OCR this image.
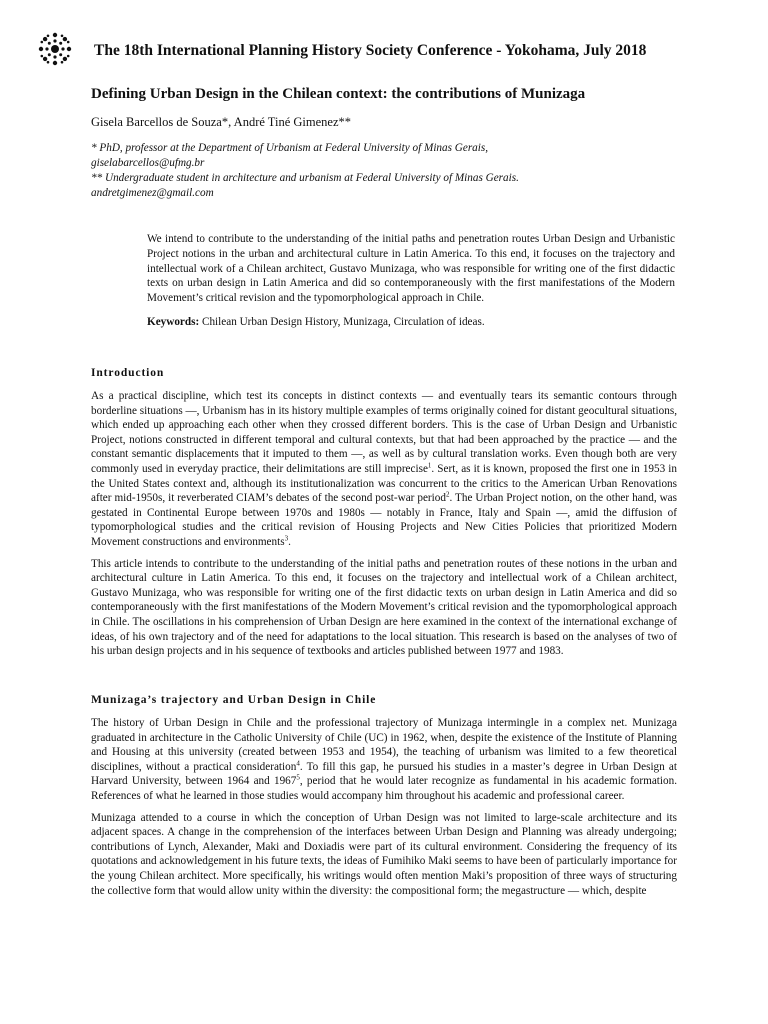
The 18th International Planning History Society Conference - Yokohama, July 2018
Defining Urban Design in the Chilean context: the contributions of Munizaga
Gisela Barcellos de Souza*, André Tiné Gimenez**
* PhD, professor at the Department of Urbanism at Federal University of Minas Gerais,
giselabarcellos@ufmg.br
** Undergraduate student in architecture and urbanism at Federal University of Minas Gerais.
andretgimenez@gmail.com

We intend to contribute to the understanding of the initial paths and penetration routes Urban Design and Urbanistic Project notions in the urban and architectural culture in Latin America. To this end, it focuses on the trajectory and intellectual work of a Chilean architect, Gustavo Munizaga, who was responsible for writing one of the first didactic texts on urban design in Latin America and did so contemporaneously with the first manifestations of the Modern Movement’s critical revision and the typomorphological approach in Chile.

Keywords: Chilean Urban Design History, Munizaga, Circulation of ideas.

Introduction

As a practical discipline, which test its concepts in distinct contexts — and eventually tears its semantic contours through borderline situations —, Urbanism has in its history multiple examples of terms originally coined for distant geocultural situations, which ended up approaching each other when they crossed different borders. This is the case of Urban Design and Urbanistic Project, notions constructed in different temporal and cultural contexts, but that had been approached by the practice — and the constant semantic displacements that it imputed to them —, as well as by cultural translation works. Even though both are very commonly used in everyday practice, their delimitations are still imprecise$^1$. Sert, as it is known, proposed the first one in 1953 in the United States context and, although its institutionalization was concurrent to the critics to the American Urban Renovations after mid-1950s, it reverberated CIAM’s debates of the second post-war period$^2$. The Urban Project notion, on the other hand, was gestated in Continental Europe between 1970s and 1980s — notably in France, Italy and Spain —, amid the diffusion of typomorphological studies and the critical revision of Housing Projects and New Cities Policies that prioritized Modern Movement constructions and environments$^3$.

This article intends to contribute to the understanding of the initial paths and penetration routes of these notions in the urban and architectural culture in Latin America. To this end, it focuses on the trajectory and intellectual work of a Chilean architect, Gustavo Munizaga, who was responsible for writing one of the first didactic texts on urban design in Latin America and did so contemporaneously with the first manifestations of the Modern Movement’s critical revision and the typomorphological approach in Chile. The oscillations in his comprehension of Urban Design are here examined in the context of the international exchange of ideas, of his own trajectory and of the need for adaptations to the local situation. This research is based on the analyses of two of his urban design projects and in his sequence of textbooks and articles published between 1977 and 1983.

Munizaga’s trajectory and Urban Design in Chile

The history of Urban Design in Chile and the professional trajectory of Munizaga intermingle in a complex net. Munizaga graduated in architecture in the Catholic University of Chile (UC) in 1962, when, despite the existence of the Institute of Planning and Housing at this university (created between 1953 and 1954), the teaching of urbanism was limited to a few theoretical disciplines, without a practical consideration$^4$. To fill this gap, he pursued his studies in a master’s degree in Urban Design at Harvard University, between 1964 and 1967$^5$, period that he would later recognize as fundamental in his academic formation. References of what he learned in those studies would accompany him throughout his academic and professional career.

Munizaga attended to a course in which the conception of Urban Design was not limited to large-scale architecture and its adjacent spaces. A change in the comprehension of the interfaces between Urban Design and Planning was already undergoing; contributions of Lynch, Alexander, Maki and Doxiadis were part of its cultural environment. Considering the frequency of its quotations and acknowledgement in his future texts, the ideas of Fumihiko Maki seems to have been of particularly importance for the young Chilean architect. More specifically, his writings would often mention Maki’s proposition of three ways of structuring the collective form that would allow unity within the diversity: the compositional form; the megastructure — which, despite
